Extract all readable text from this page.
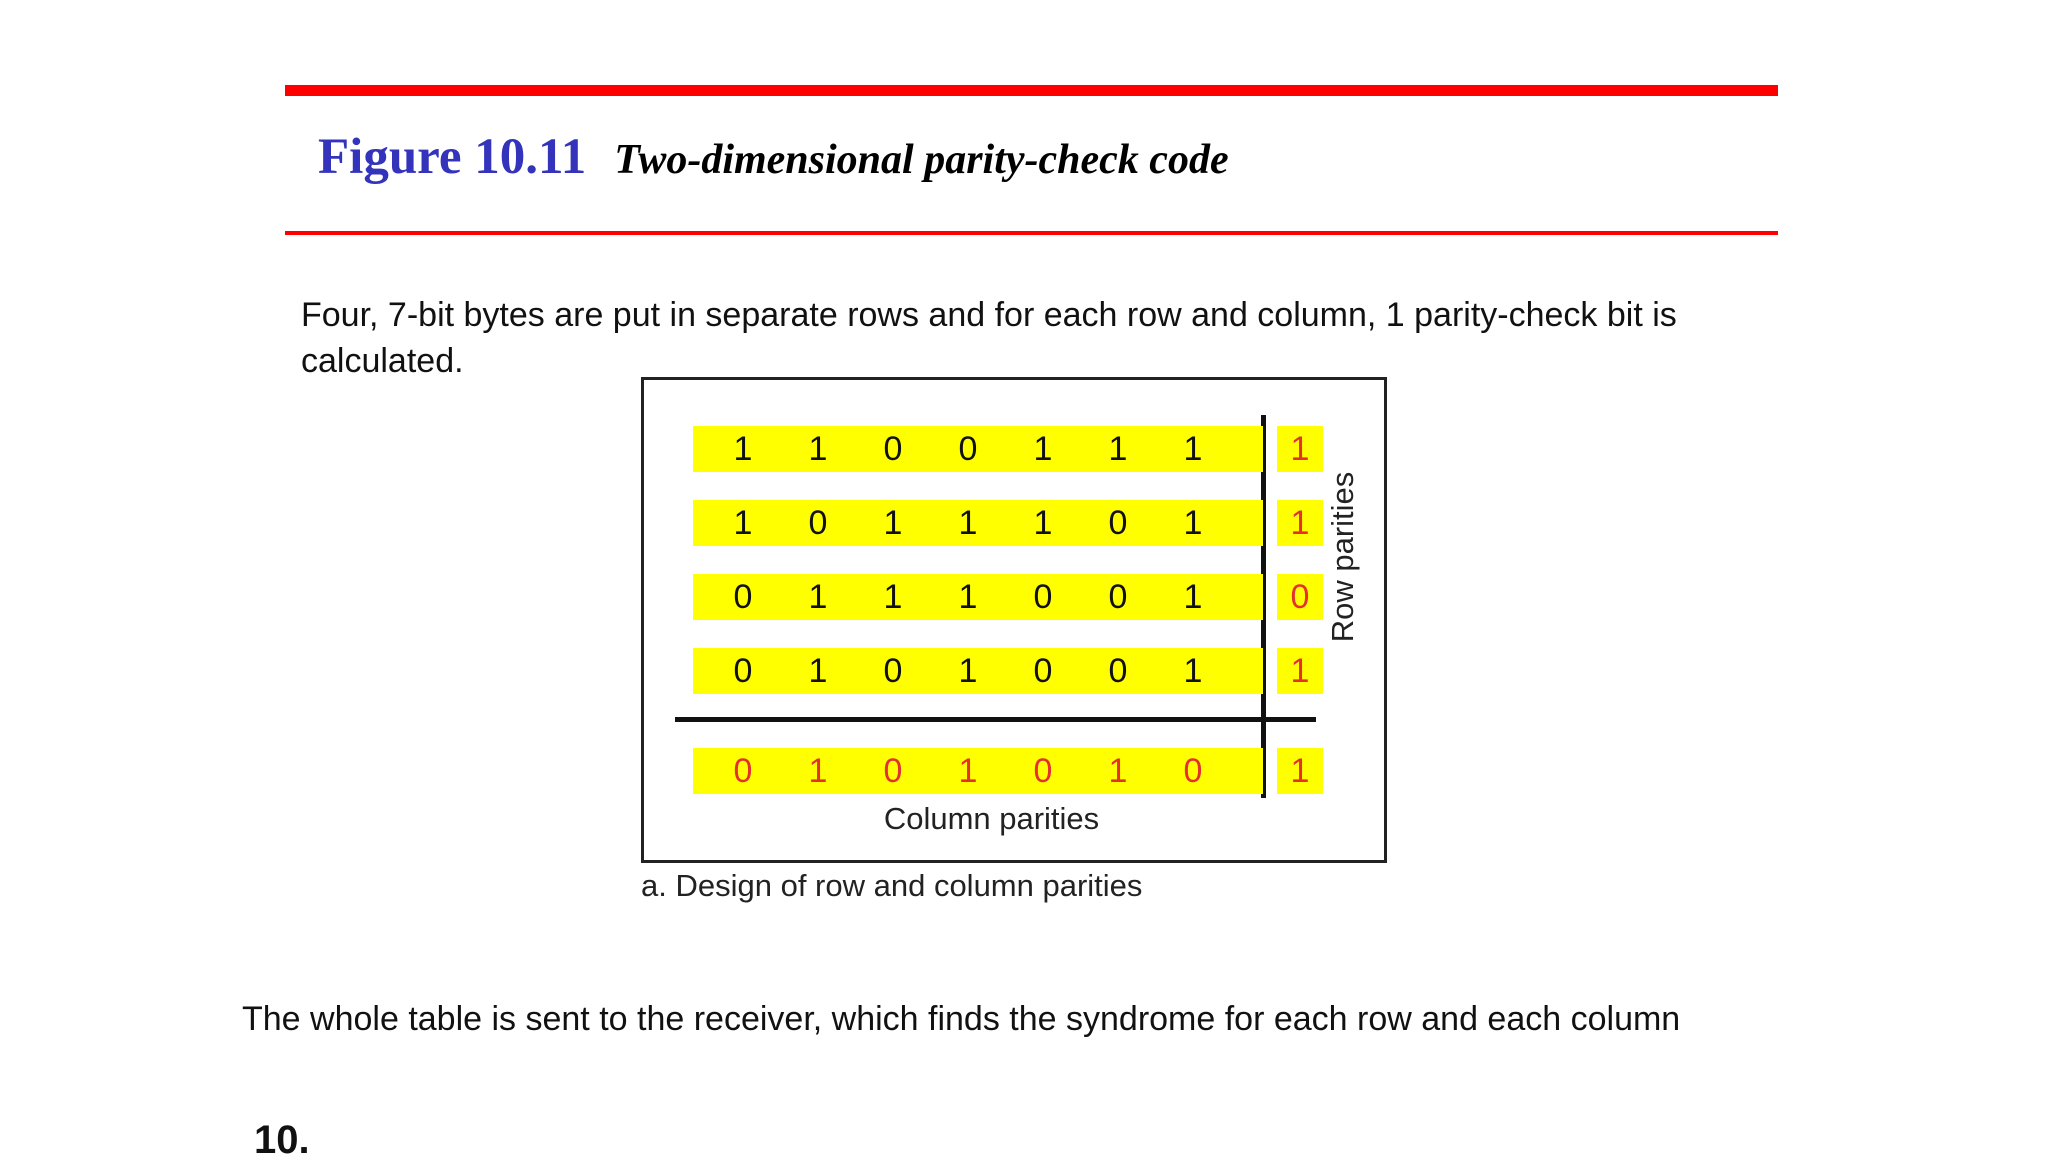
Figure 10.11 Two-dimensional parity-check code
Four, 7-bit bytes are put in separate rows and for each row and column, 1 parity-check bit is calculated.
Column parities
Row parities
1	1	0	0	1	1	1	1
1	0	1	1	1	0	1	1
0	1	1	1	0	0	1	0
0	1	0	1	0	0	1	1
0	1	0	1	0	1	0	1
a. Design of row and column parities
The whole table is sent to the receiver, which finds the syndrome for each row and each column
10.
